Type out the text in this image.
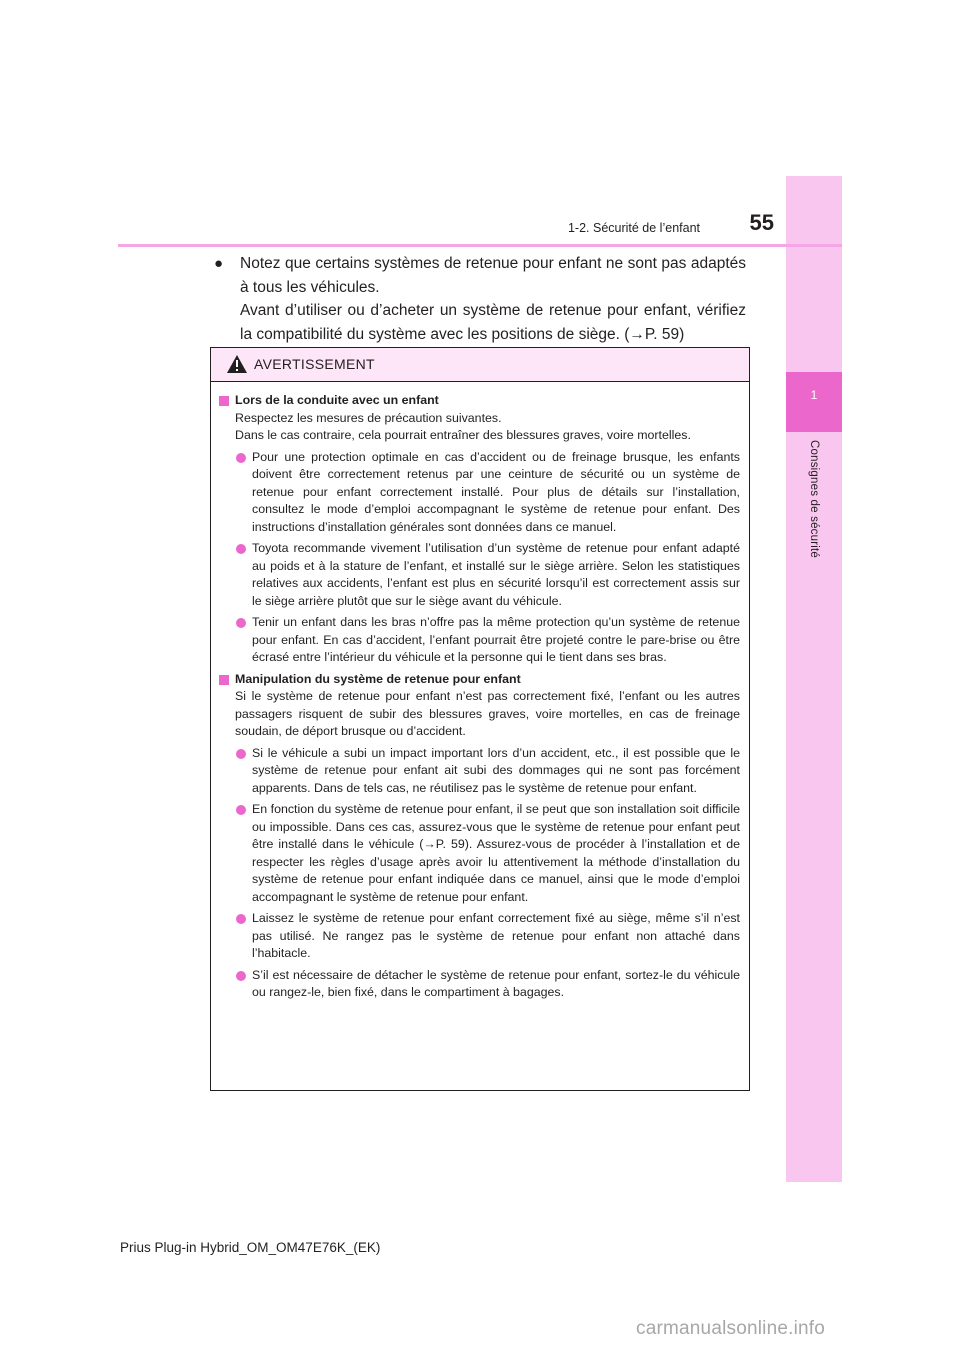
1
Consignes de sécurité
1-2. Sécurité de l’enfant	55
● Notez que certains systèmes de retenue pour enfant ne sont pas adaptés à tous les véhicules.
Avant d’utiliser ou d’acheter un système de retenue pour enfant, vérifiez la compatibilité du système avec les positions de siège. (→P. 59)
AVERTISSEMENT
Lors de la conduite avec un enfant
Respectez les mesures de précaution suivantes.
Dans le cas contraire, cela pourrait entraîner des blessures graves, voire mortelles.
Pour une protection optimale en cas d’accident ou de freinage brusque, les enfants doivent être correctement retenus par une ceinture de sécurité ou un système de retenue pour enfant correctement installé. Pour plus de détails sur l’installation, consultez le mode d’emploi accompagnant le système de retenue pour enfant. Des instructions d’installation générales sont données dans ce manuel.
Toyota recommande vivement l’utilisation d’un système de retenue pour enfant adapté au poids et à la stature de l’enfant, et installé sur le siège arrière. Selon les statistiques relatives aux accidents, l’enfant est plus en sécurité lorsqu’il est correctement assis sur le siège arrière plutôt que sur le siège avant du véhicule.
Tenir un enfant dans les bras n’offre pas la même protection qu’un système de retenue pour enfant. En cas d’accident, l’enfant pourrait être projeté contre le pare-brise ou être écrasé entre l’intérieur du véhicule et la personne qui le tient dans ses bras.
Manipulation du système de retenue pour enfant
Si le système de retenue pour enfant n’est pas correctement fixé, l’enfant ou les autres passagers risquent de subir des blessures graves, voire mortelles, en cas de freinage soudain, de déport brusque ou d’accident.
Si le véhicule a subi un impact important lors d’un accident, etc., il est possible que le système de retenue pour enfant ait subi des dommages qui ne sont pas forcément apparents. Dans de tels cas, ne réutilisez pas le système de retenue pour enfant.
En fonction du système de retenue pour enfant, il se peut que son installation soit difficile ou impossible. Dans ces cas, assurez-vous que le système de retenue pour enfant peut être installé dans le véhicule (→P. 59). Assurez-vous de procéder à l’installation et de respecter les règles d’usage après avoir lu attentivement la méthode d’installation du système de retenue pour enfant indiquée dans ce manuel, ainsi que le mode d’emploi accompagnant le système de retenue pour enfant.
Laissez le système de retenue pour enfant correctement fixé au siège, même s’il n’est pas utilisé. Ne rangez pas le système de retenue pour enfant non attaché dans l’habitacle.
S’il est nécessaire de détacher le système de retenue pour enfant, sortez-le du véhicule ou rangez-le, bien fixé, dans le compartiment à bagages.
Prius Plug-in Hybrid_OM_OM47E76K_(EK)
carmanualsonline.info
